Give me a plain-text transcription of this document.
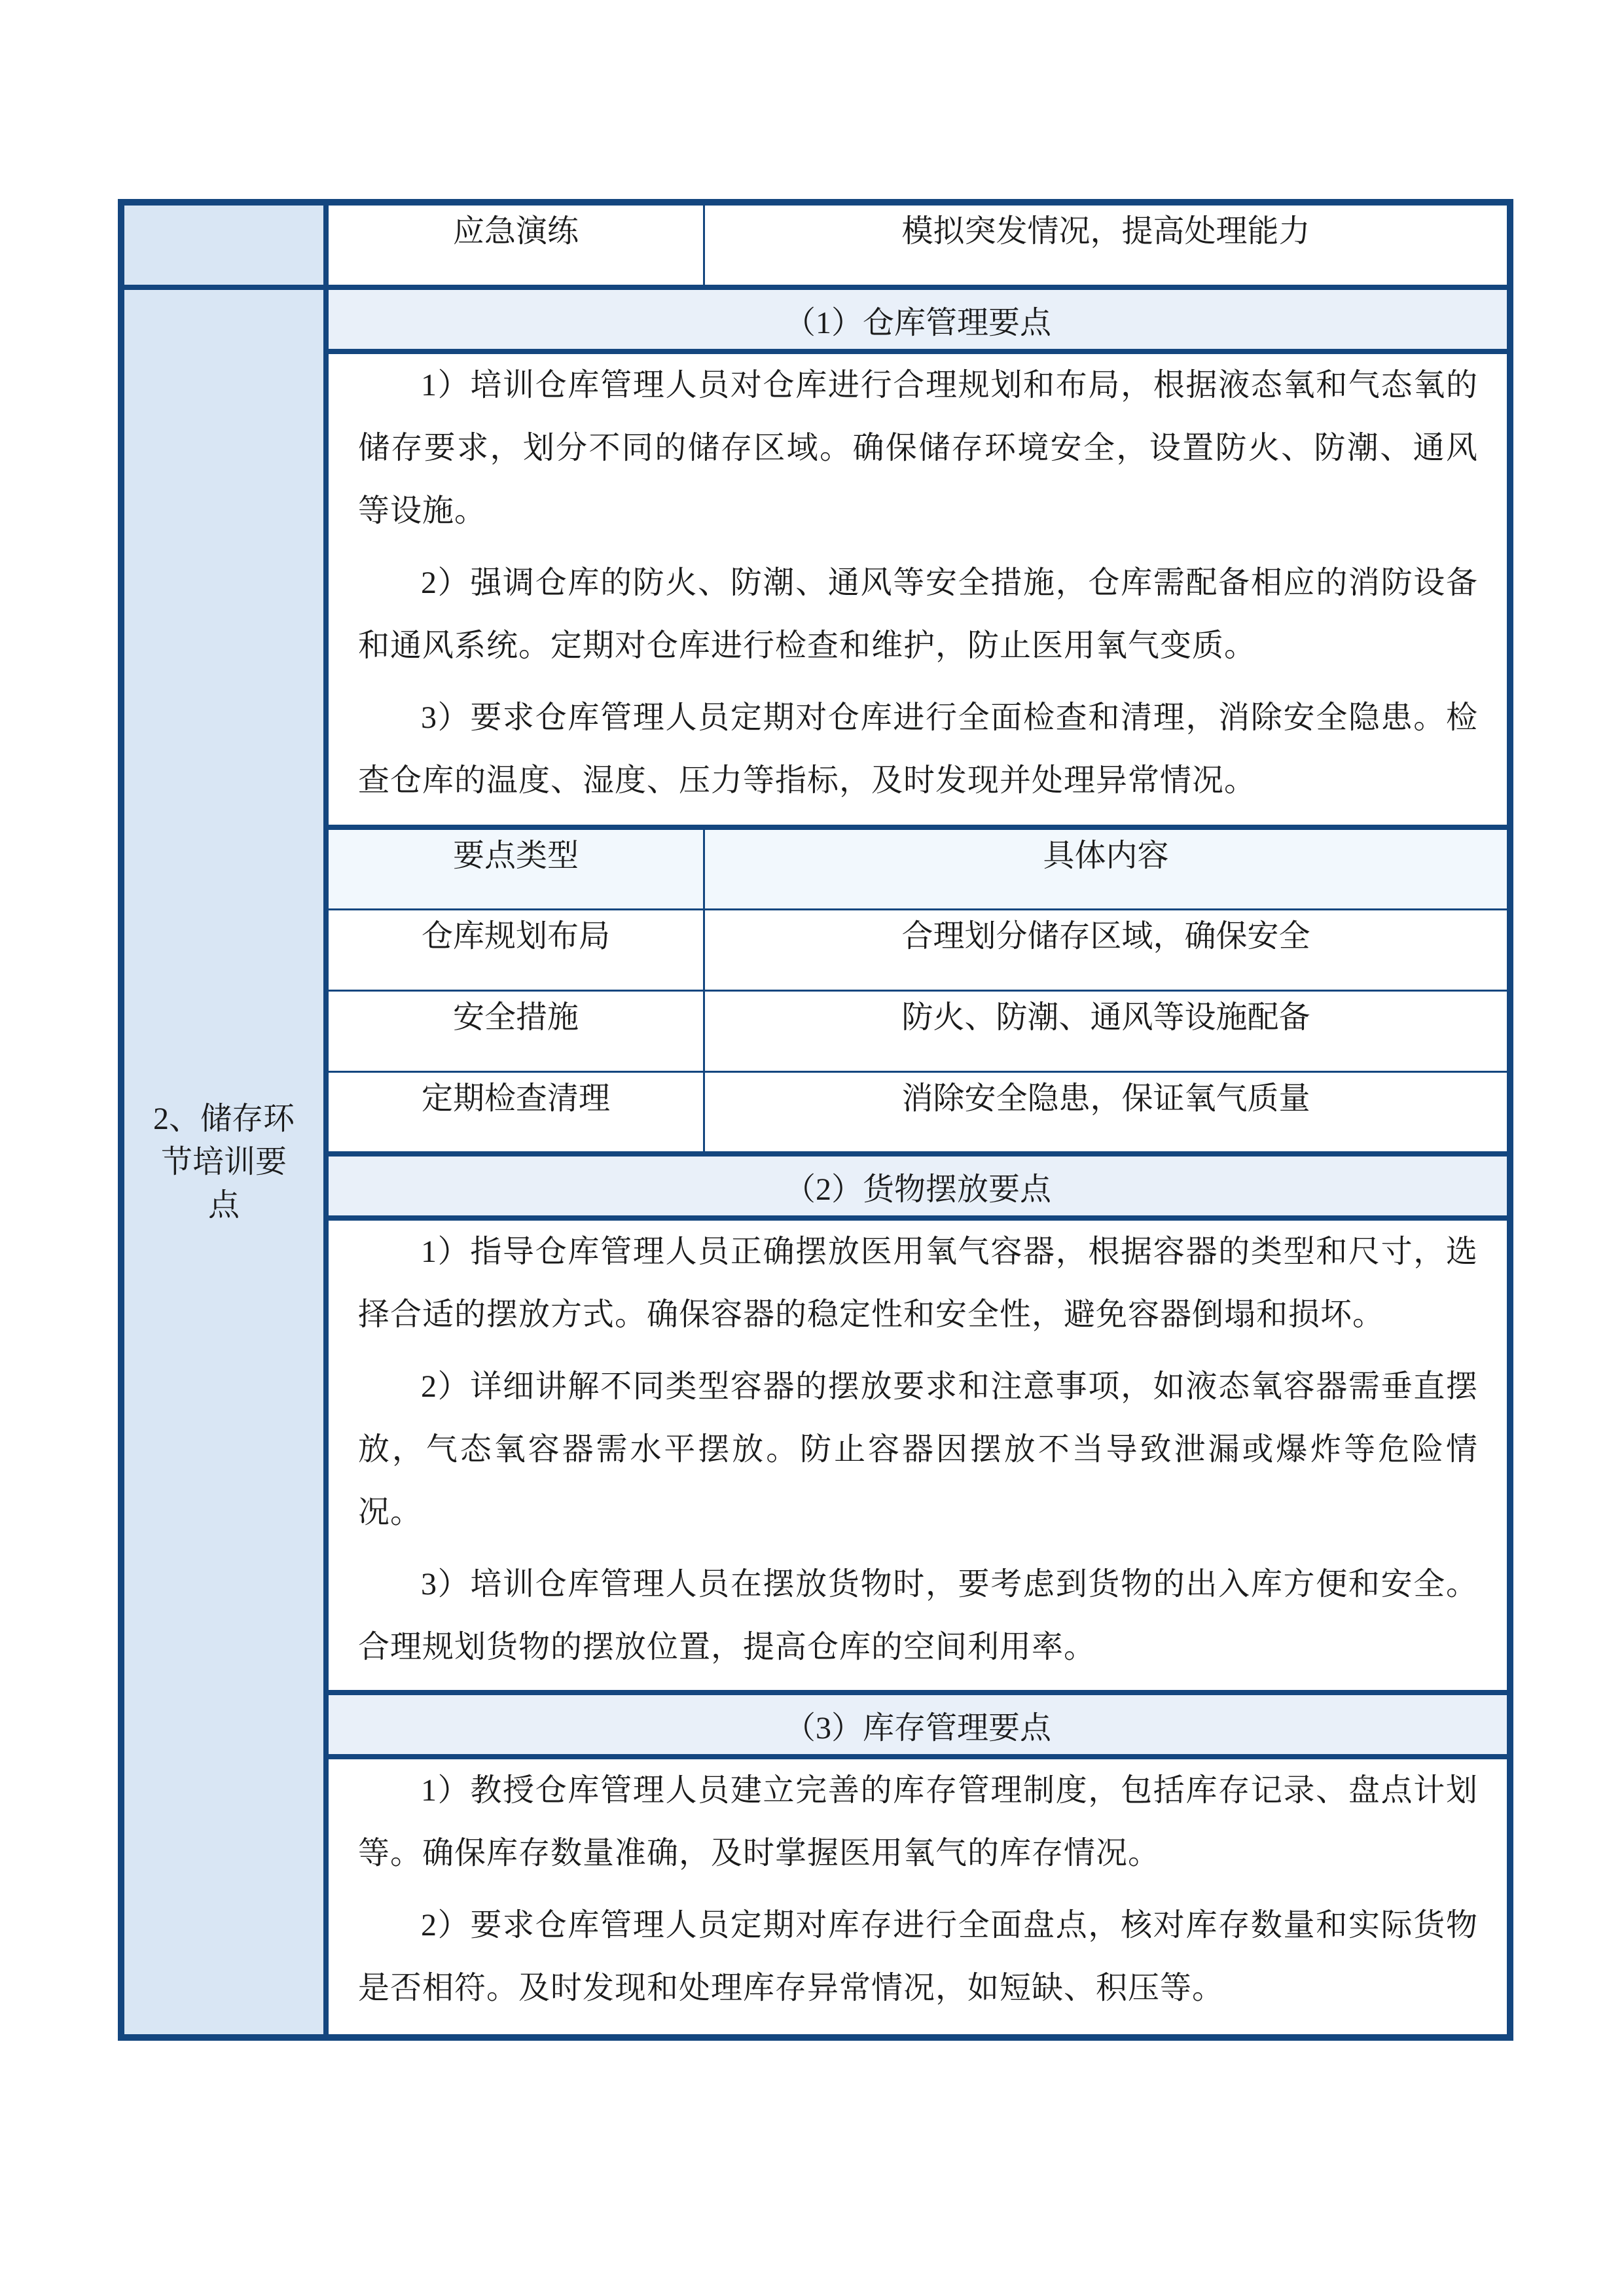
2、储存环节培训要点
应急演练	模拟突发情况，提高处理能力
（1）仓库管理要点

1）培训仓库管理人员对仓库进行合理规划和布局，根据液态氧和气态氧的储存要求，划分不同的储存区域。确保储存环境安全，设置防火、防潮、通风等设施。

2）强调仓库的防火、防潮、通风等安全措施，仓库需配备相应的消防设备和通风系统。定期对仓库进行检查和维护，防止医用氧气变质。

3）要求仓库管理人员定期对仓库进行全面检查和清理，消除安全隐患。检查仓库的温度、湿度、压力等指标，及时发现并处理异常情况。

要点类型	具体内容
仓库规划布局	合理划分储存区域，确保安全
安全措施	防火、防潮、通风等设施配备
定期检查清理	消除安全隐患，保证氧气质量
（2）货物摆放要点

1）指导仓库管理人员正确摆放医用氧气容器，根据容器的类型和尺寸，选择合适的摆放方式。确保容器的稳定性和安全性，避免容器倒塌和损坏。

2）详细讲解不同类型容器的摆放要求和注意事项，如液态氧容器需垂直摆放，气态氧容器需水平摆放。防止容器因摆放不当导致泄漏或爆炸等危险情况。

3）培训仓库管理人员在摆放货物时，要考虑到货物的出入库方便和安全。合理规划货物的摆放位置，提高仓库的空间利用率。

（3）库存管理要点

1）教授仓库管理人员建立完善的库存管理制度，包括库存记录、盘点计划等。确保库存数量准确，及时掌握医用氧气的库存情况。

2）要求仓库管理人员定期对库存进行全面盘点，核对库存数量和实际货物是否相符。及时发现和处理库存异常情况，如短缺、积压等。
